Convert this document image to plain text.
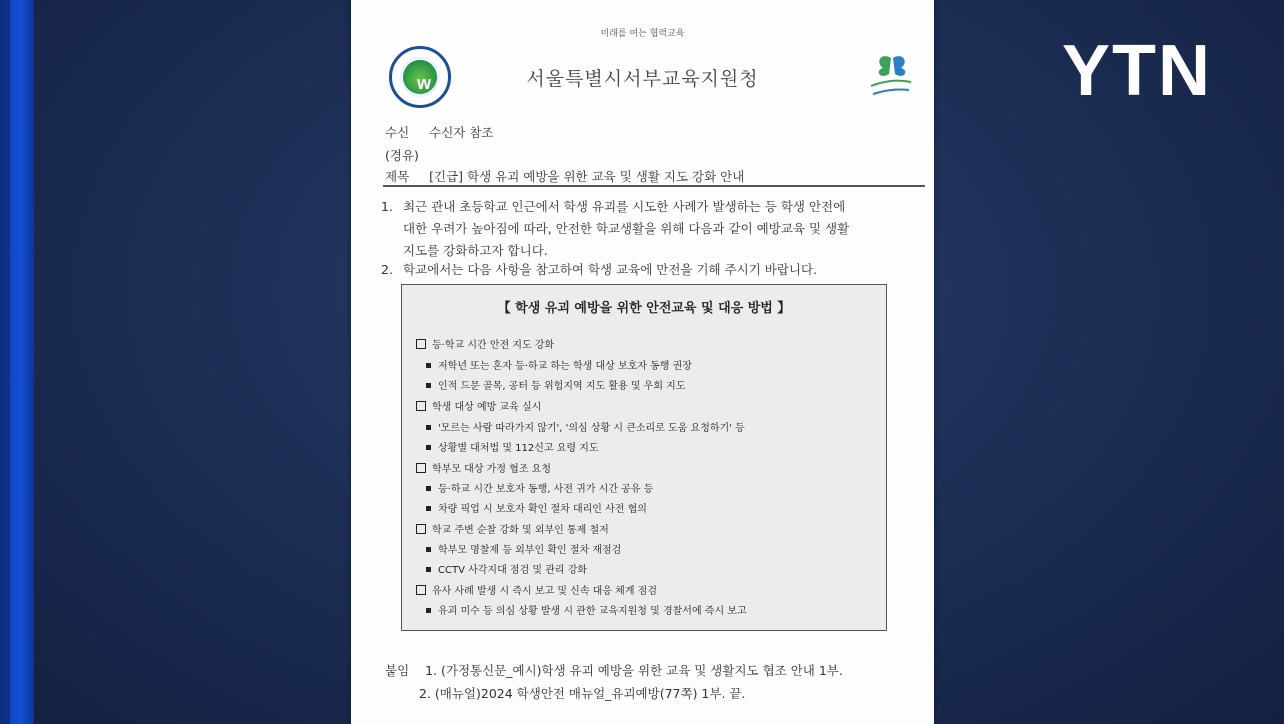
YTN
미래를 여는 협력교육
w	서울특별시서부교육지원청
수신 수신자 참조
(경유)
제목 [긴급] 학생 유괴 예방을 위한 교육 및 생활 지도 강화 안내
1. 최근 관내 초등학교 인근에서 학생 유괴를 시도한 사례가 발생하는 등 학생 안전에
대한 우려가 높아짐에 따라, 안전한 학교생활을 위해 다음과 같이 예방교육 및 생활
지도를 강화하고자 합니다.
2. 학교에서는 다음 사항을 참고하여 학생 교육에 만전을 기해 주시기 바랍니다.
【 학생 유괴 예방을 위한 안전교육 및 대응 방법 】
등·학교 시간 안전 지도 강화
저학년 또는 혼자 등·하교 하는 학생 대상 보호자 동행 권장
인적 드문 골목, 공터 등 위험지역 지도 활용 및 우회 지도
학생 대상 예방 교육 실시
'모르는 사람 따라가지 않기', '의심 상황 시 큰소리로 도움 요청하기' 등
상황별 대처법 및 112신고 요령 지도
학부모 대상 가정 협조 요청
등·하교 시간 보호자 동행, 사전 귀가 시간 공유 등
차량 픽업 시 보호자 확인 절차 대리인 사전 협의
학교 주변 순찰 강화 및 외부인 통제 철저
학부모 명찰제 등 외부인 확인 절차 재점검
CCTV 사각지대 점검 및 관리 강화
유사 사례 발생 시 즉시 보고 및 신속 대응 체계 점검
유괴 미수 등 의심 상황 발생 시 관한 교육지원청 및 경찰서에 즉시 보고
붙임 1. (가정통신문_예시)학생 유괴 예방을 위한 교육 및 생활지도 협조 안내 1부.
2. (매뉴얼)2024 학생안전 매뉴얼_유괴예방(77쪽) 1부. 끝.
